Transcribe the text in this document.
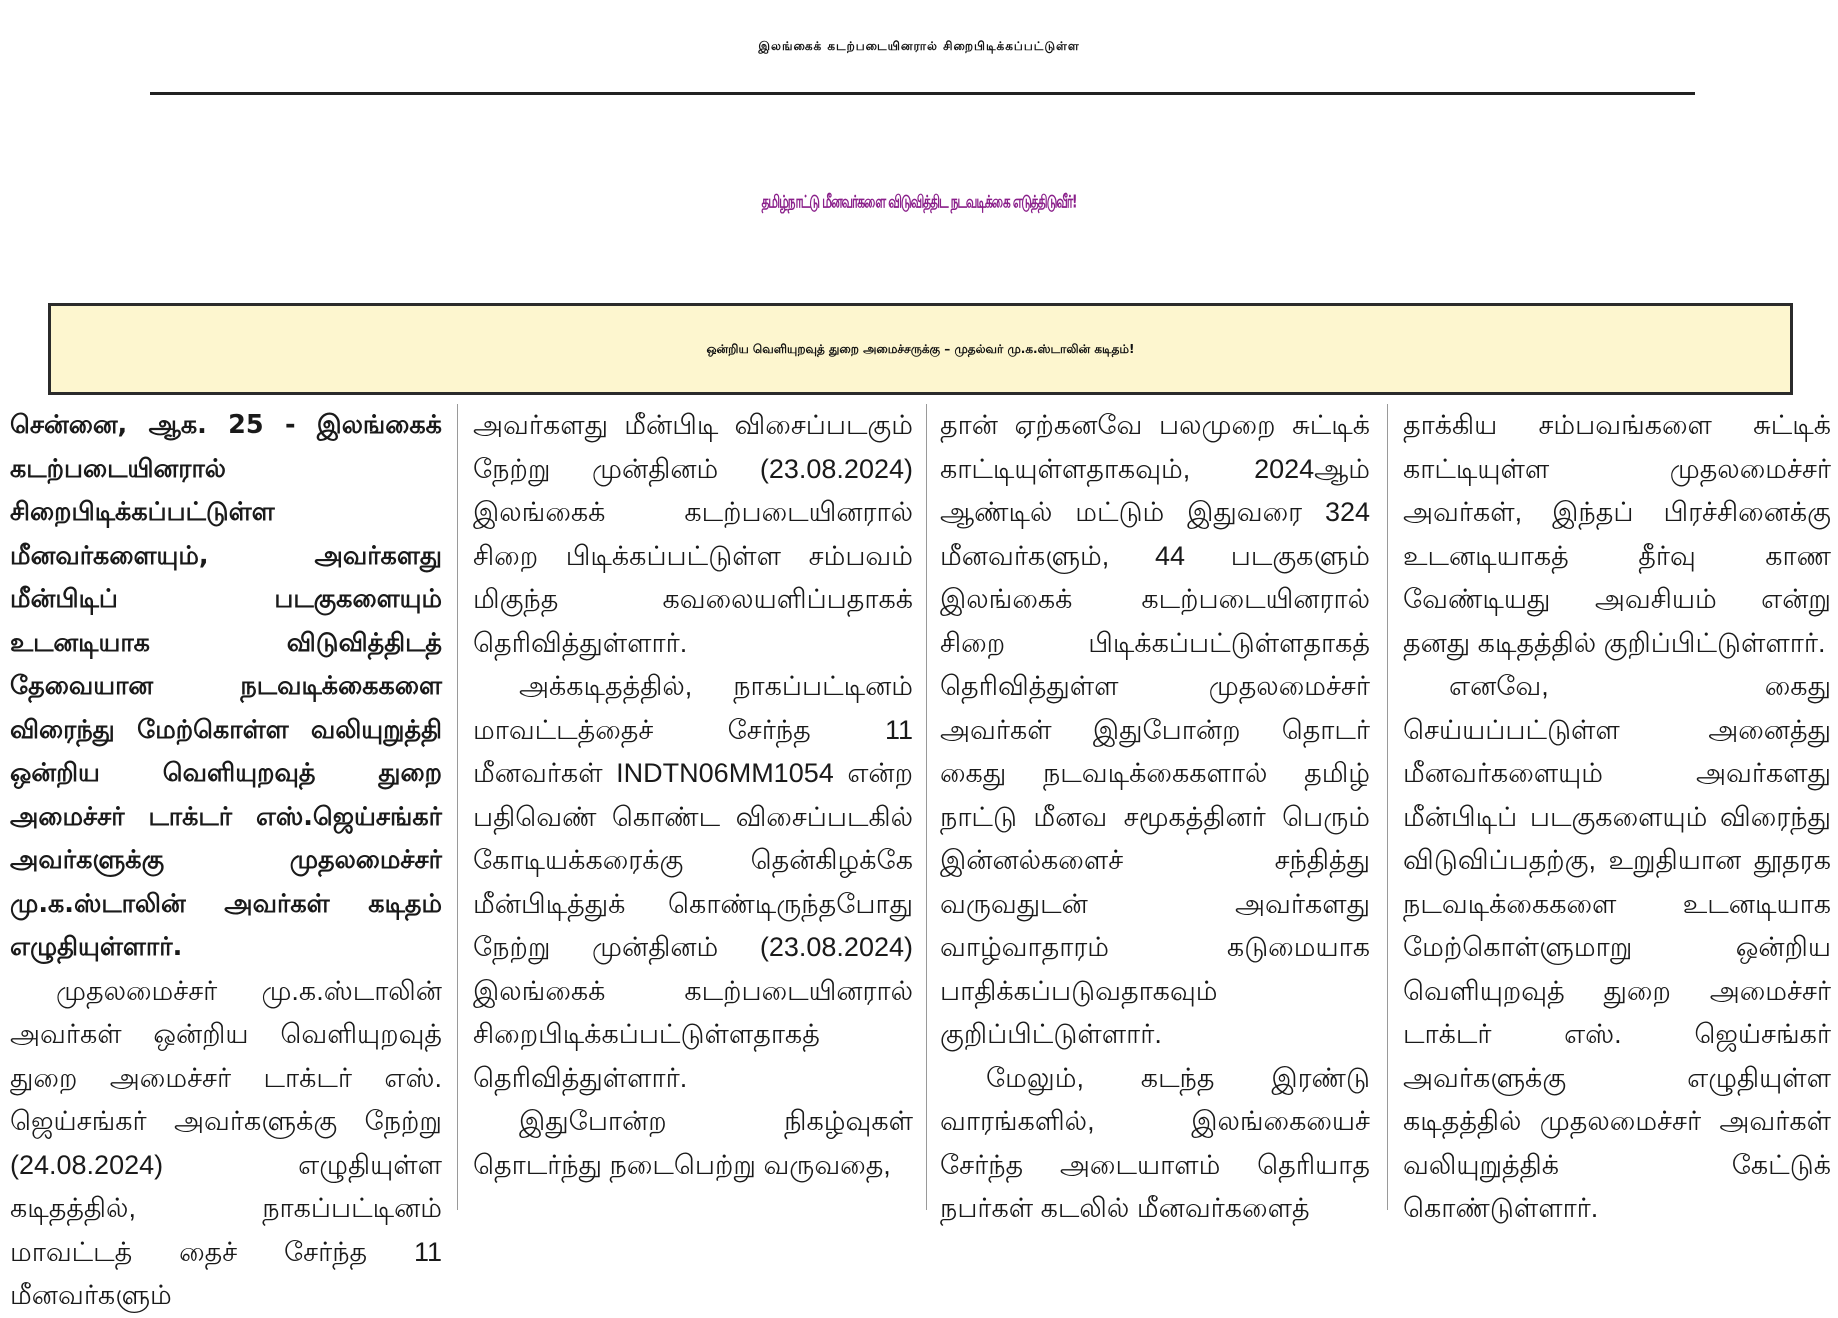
இலங்கைக் கடற்படையினரால் சிறைபிடிக்கப்பட்டுள்ள
தமிழ்நாட்டு மீனவர்களை விடுவித்திட நடவடிக்கை எடுத்திடுவீர்!
ஒன்றிய வெளியுறவுத் துறை அமைச்சருக்கு – முதல்வர் மு.க.ஸ்டாலின் கடிதம்!

சென்னை, ஆக. 25 - இலங்கைக் கடற்படையினரால் சிறைபிடிக்கப்பட்டுள்ள மீனவர்களையும், அவர்களது மீன்பிடிப் படகுகளையும் உடனடியாக விடுவித்திடத் தேவையான நடவடிக்கைகளை விரைந்து மேற்கொள்ள வலியுறுத்தி ஒன்றிய வெளியுறவுத் துறை அமைச்சர் டாக்டர் எஸ்.ஜெய்சங்கர் அவர்களுக்கு முதலமைச்சர் மு.க.ஸ்டாலின் அவர்கள் கடிதம் எழுதியுள்ளார்.

முதலமைச்சர் மு.க.ஸ்டாலின் அவர்கள் ஒன்றிய வெளியுறவுத் துறை அமைச்சர் டாக்டர் எஸ். ஜெய்சங்கர் அவர்களுக்கு நேற்று (24.08.2024) எழுதியுள்ள கடிதத்தில், நாகப்பட்டினம் மாவட்டத் தைச் சேர்ந்த 11 மீனவர்களும்

அவர்களது மீன்பிடி விசைப்படகும் நேற்று முன்தினம் (23.08.2024) இலங்கைக் கடற்படையினரால் சிறை பிடிக்கப்பட்டுள்ள சம்பவம் மிகுந்த கவலையளிப்பதாகக் தெரிவித்துள்ளார்.

அக்கடிதத்தில், நாகப்பட்டினம் மாவட்டத்தைச் சேர்ந்த 11 மீனவர்கள் INDTN06MM1054 என்ற பதிவெண் கொண்ட விசைப்படகில் கோடியக்கரைக்கு தென்கிழக்கே மீன்பிடித்துக் கொண்டிருந்தபோது நேற்று முன்தினம் (23.08.2024) இலங்கைக் கடற்படையினரால் சிறைபிடிக்கப்பட்டுள்ளதாகத் தெரிவித்துள்ளார்.

இதுபோன்ற நிகழ்வுகள் தொடர்ந்து நடைபெற்று வருவதை,

தான் ஏற்கனவே பலமுறை சுட்டிக் காட்டியுள்ளதாகவும், 2024ஆம் ஆண்டில் மட்டும் இதுவரை 324 மீனவர்களும், 44 படகுகளும் இலங்கைக் கடற்படையினரால் சிறை பிடிக்கப்பட்டுள்ளதாகத் தெரிவித்துள்ள முதலமைச்சர் அவர்கள் இதுபோன்ற தொடர் கைது நடவடிக்கைகளால் தமிழ் நாட்டு மீனவ சமூகத்தினர் பெரும் இன்னல்களைச் சந்தித்து வருவதுடன் அவர்களது வாழ்வாதாரம் கடுமையாக பாதிக்கப்படுவதாகவும் குறிப்பிட்டுள்ளார்.

மேலும், கடந்த இரண்டு வாரங்களில், இலங்கையைச் சேர்ந்த அடையாளம் தெரியாத நபர்கள் கடலில் மீனவர்களைத்

தாக்கிய சம்பவங்களை சுட்டிக் காட்டியுள்ள முதலமைச்சர் அவர்கள், இந்தப் பிரச்சினைக்கு உடனடியாகத் தீர்வு காண வேண்டியது அவசியம் என்று தனது கடிதத்தில் குறிப்பிட்டுள்ளார்.

எனவே, கைது செய்யப்பட்டுள்ள அனைத்து மீனவர்களையும் அவர்களது மீன்பிடிப் படகுகளையும் விரைந்து விடுவிப்பதற்கு, உறுதியான தூதரக நடவடிக்கைகளை உடனடியாக மேற்கொள்ளுமாறு ஒன்றிய வெளியுறவுத் துறை அமைச்சர் டாக்டர் எஸ். ஜெய்சங்கர் அவர்களுக்கு எழுதியுள்ள கடிதத்தில் முதலமைச்சர் அவர்கள் வலியுறுத்திக் கேட்டுக் கொண்டுள்ளார்.
